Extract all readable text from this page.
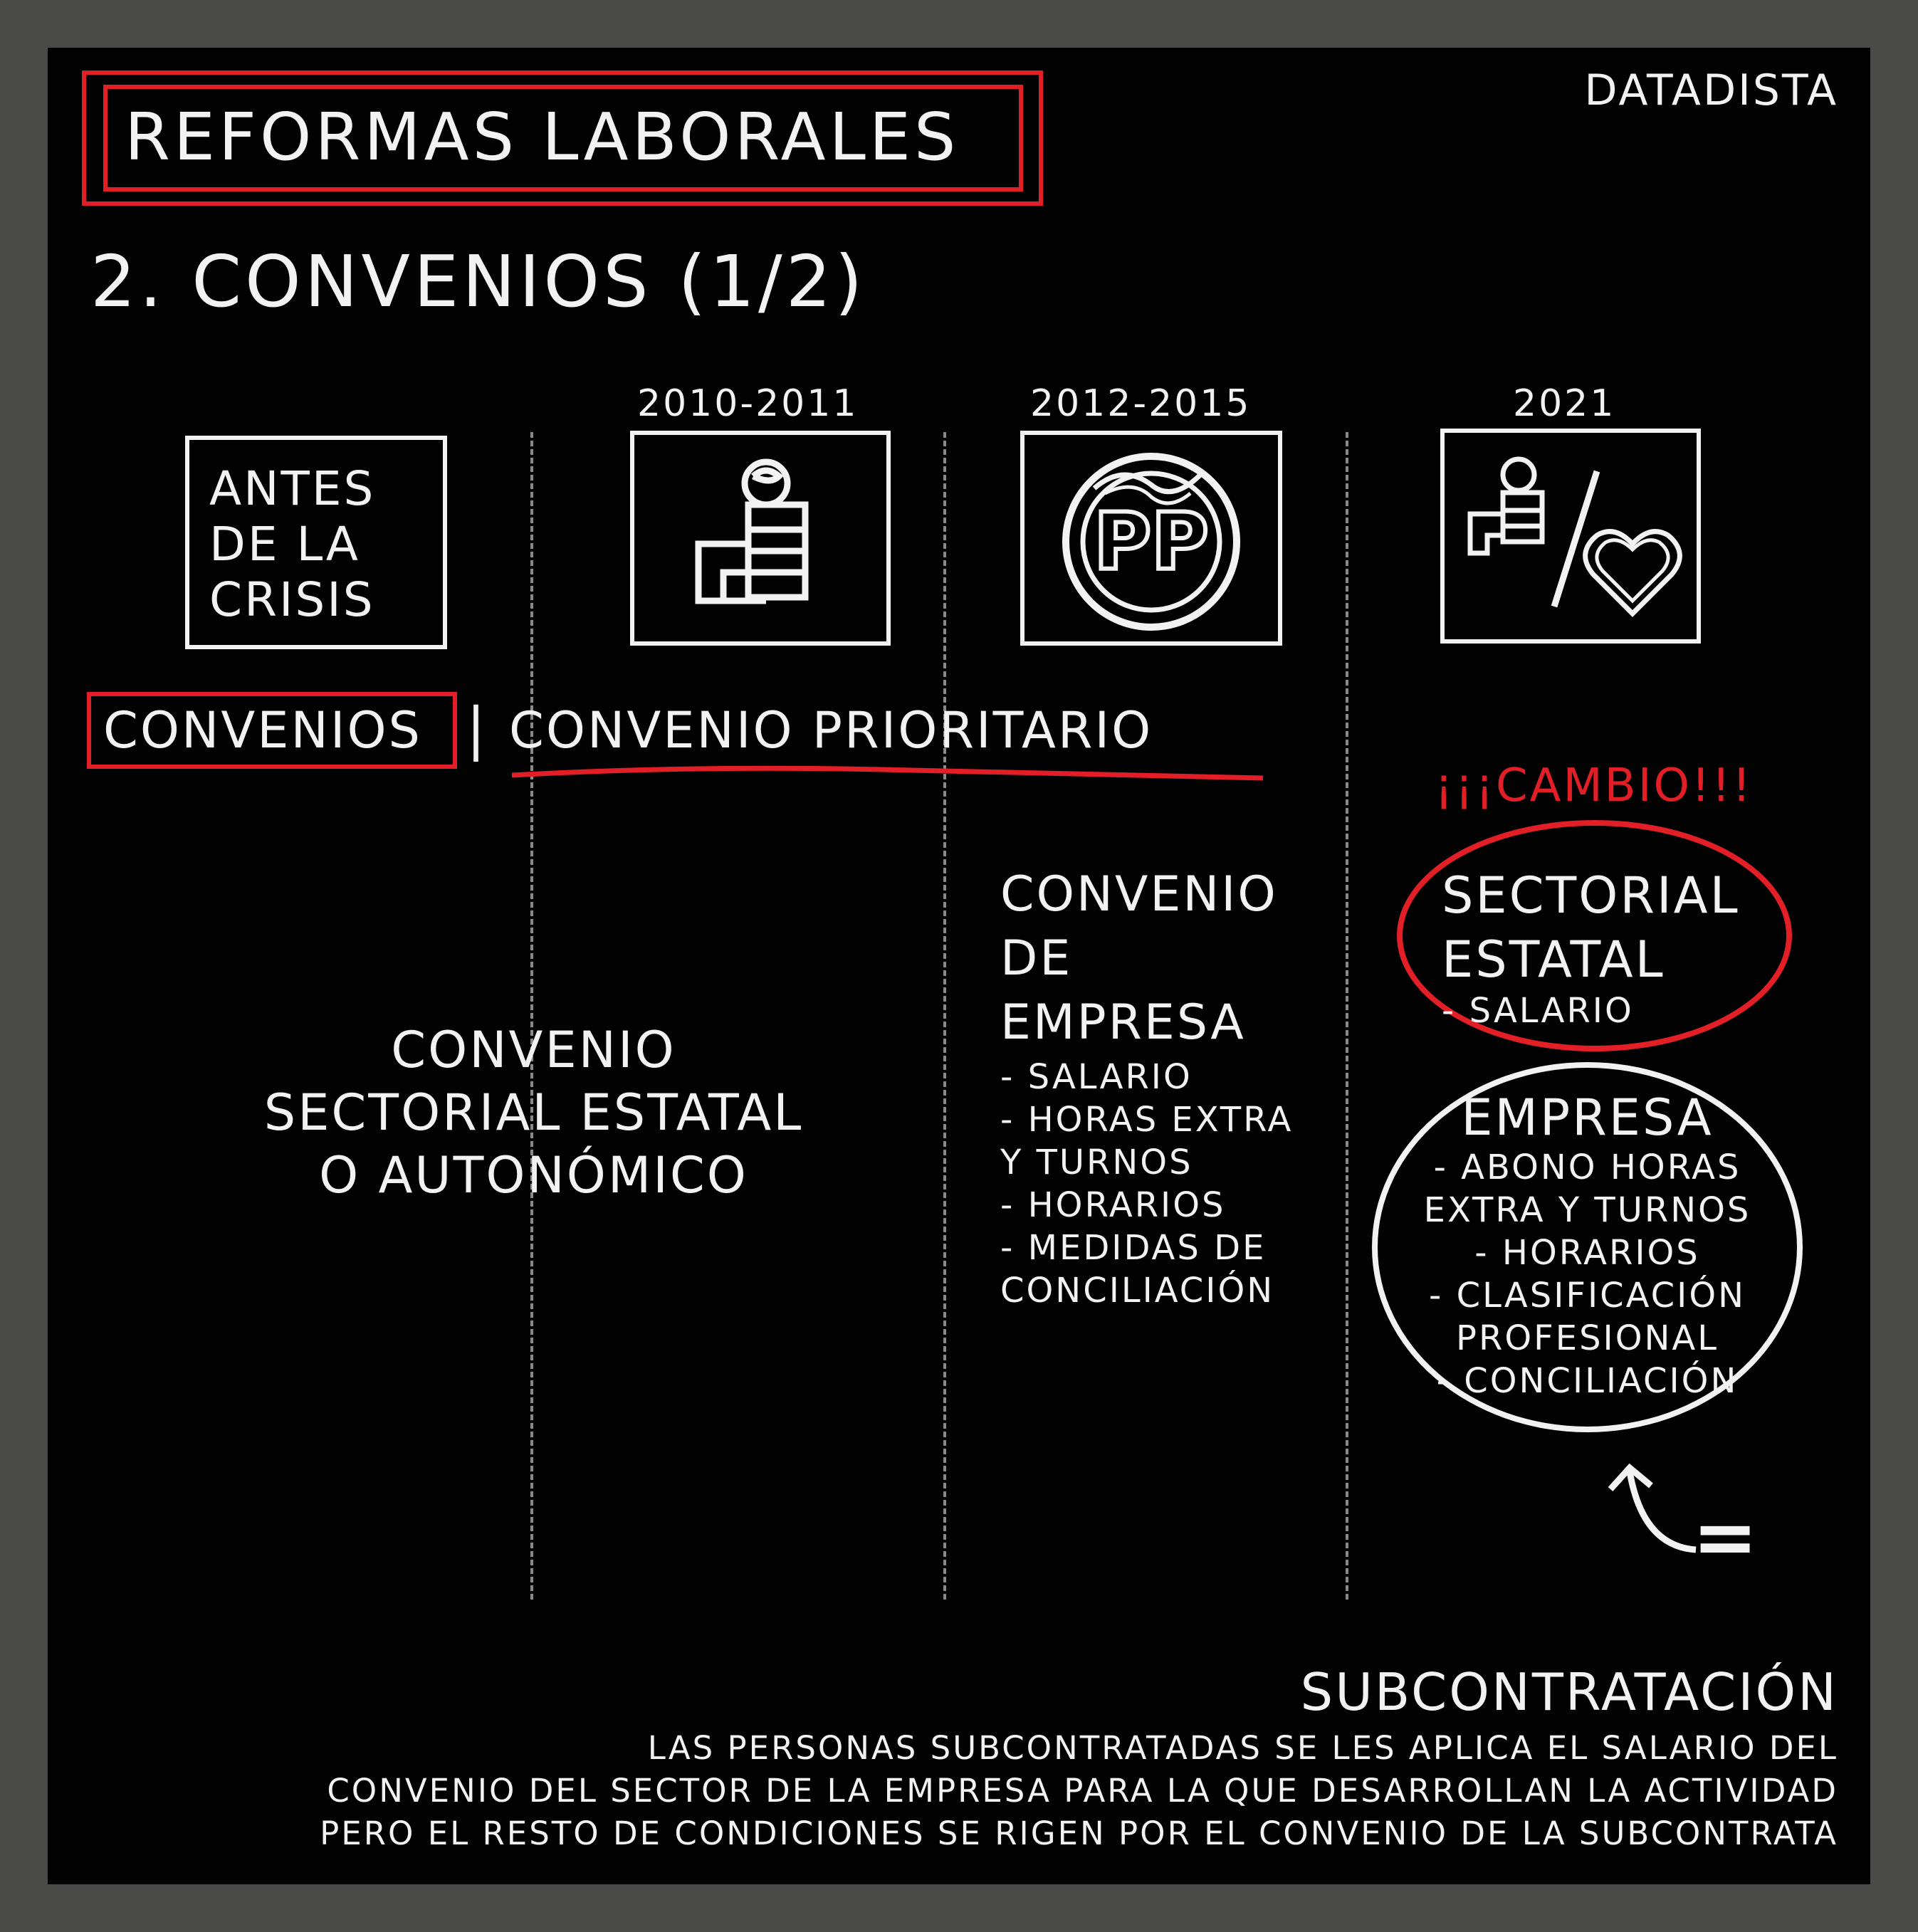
DATADISTA
REFORMAS LABORALES
2. CONVENIOS (1/2)
2010-2011	2012-2015	2021
ANTES
DE LA
CRISIS
PP
CONVENIOS | CONVENIO PRIORITARIO
CONVENIO
SECTORIAL ESTATAL
O AUTONÓMICO
CONVENIO
DE
EMPRESA
- SALARIO
- HORAS EXTRA
Y TURNOS
- HORARIOS
- MEDIDAS DE
CONCILIACIÓN
¡¡¡CAMBIO!!!
SECTORIAL
ESTATAL
- SALARIO
EMPRESA
- ABONO HORAS
EXTRA Y TURNOS
- HORARIOS
- CLASIFICACIÓN
PROFESIONAL
- CONCILIACIÓN
=
SUBCONTRATACIÓN
LAS PERSONAS SUBCONTRATADAS SE LES APLICA EL SALARIO DEL
CONVENIO DEL SECTOR DE LA EMPRESA PARA LA QUE DESARROLLAN LA ACTIVIDAD
PERO EL RESTO DE CONDICIONES SE RIGEN POR EL CONVENIO DE LA SUBCONTRATA
